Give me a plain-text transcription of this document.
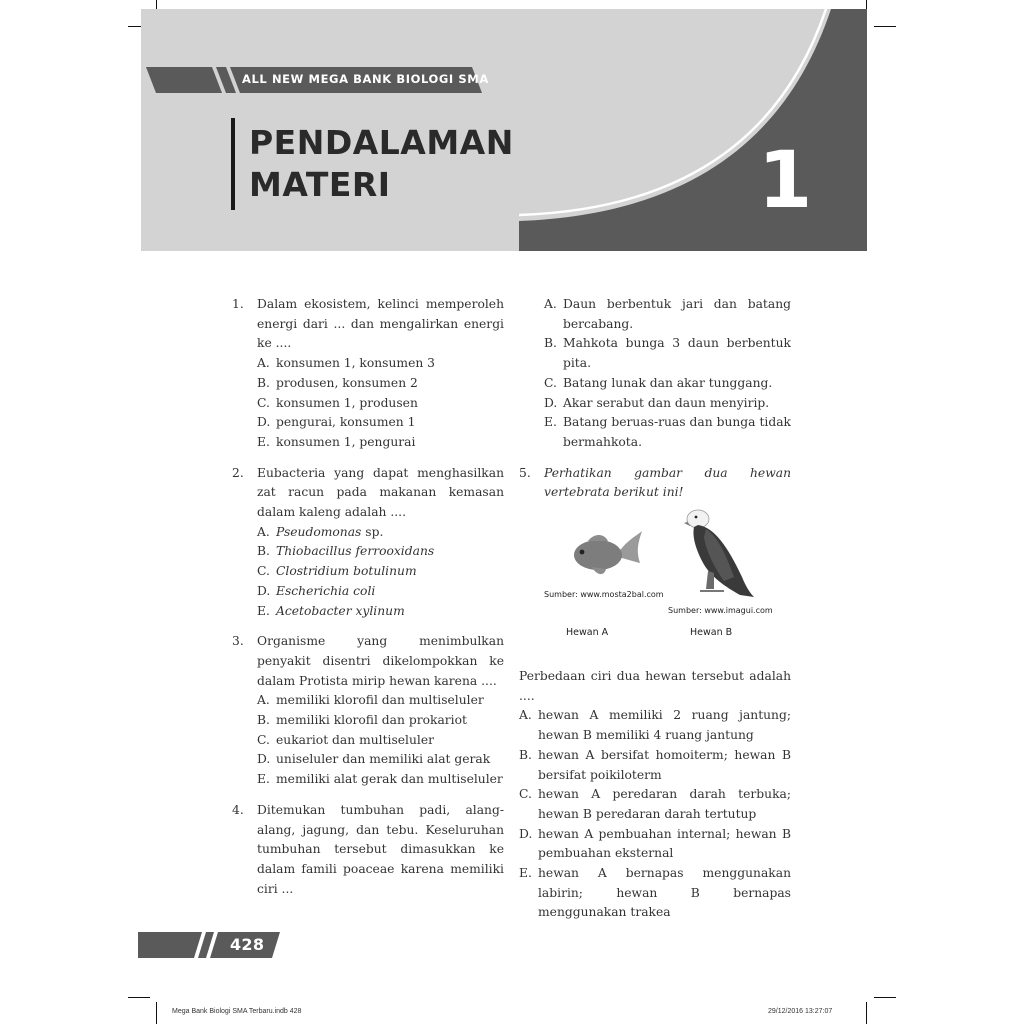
ALL NEW MEGA BANK BIOLOGI SMA
PENDALAMAN
MATERI	1
1. Dalam ekosistem, kelinci memperoleh energi dari ... dan mengalirkan energi ke ....
A. konsumen 1, konsumen 3
B. produsen, konsumen 2
C. konsumen 1, produsen
D. pengurai, konsumen 1
E. konsumen 1, pengurai
2. Eubacteria yang dapat menghasilkan zat racun pada makanan kemasan dalam kaleng adalah ....
A. Pseudomonas sp.
B. Thiobacillus ferrooxidans
C. Clostridium botulinum
D. Escherichia coli
E. Acetobacter xylinum
3. Organisme yang menimbulkan penyakit disentri dikelompokkan ke dalam Protista mirip hewan karena ....
A. memiliki klorofil dan multiseluler
B. memiliki klorofil dan prokariot
C. eukariot dan multiseluler
D. uniseluler dan memiliki alat gerak
E. memiliki alat gerak dan multiseluler
4. Ditemukan tumbuhan padi, alang-alang, jagung, dan tebu. Keseluruhan tumbuhan tersebut dimasukkan ke dalam famili poaceae karena memiliki ciri ...
A. Daun berbentuk jari dan batang bercabang.
B. Mahkota bunga 3 daun berbentuk pita.
C. Batang lunak dan akar tunggang.
D. Akar serabut dan daun menyirip.
E. Batang beruas-ruas dan bunga tidak bermahkota.
5. Perhatikan gambar dua hewan vertebrata berikut ini!
Sumber: www.mosta2bal.com
Sumber: www.imagui.com
Hewan A	Hewan B
Perbedaan ciri dua hewan tersebut adalah ....
A. hewan A memiliki 2 ruang jantung; hewan B memiliki 4 ruang jantung
B. hewan A bersifat homoiterm; hewan B bersifat poikiloterm
C. hewan A peredaran darah terbuka; hewan B peredaran darah tertutup
D. hewan A pembuahan internal; hewan B pembuahan eksternal
E. hewan A bernapas menggunakan labirin; hewan B bernapas menggunakan trakea
428
Mega Bank Biologi SMA Terbaru.indb 428	29/12/2016 13:27:07
